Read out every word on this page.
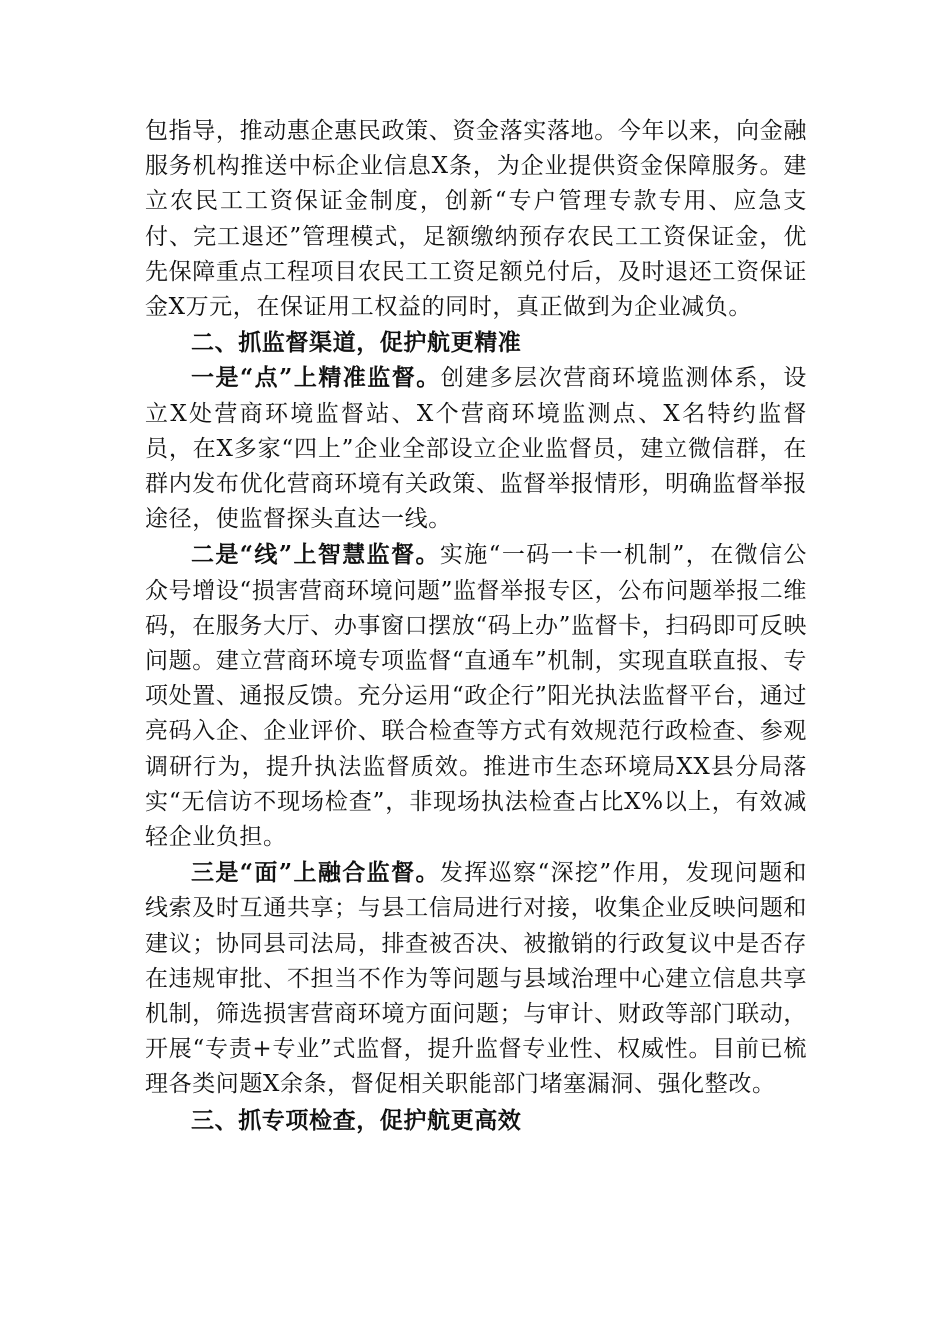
包指导，推动惠企惠民政策、资金落实落地。今年以来，向金融服务机构推送中标企业信息X条，为企业提供资金保障服务。建立农民工工资保证金制度，创新“专户管理专款专用、应急支付、完工退还”管理模式，足额缴纳预存农民工工资保证金，优先保障重点工程项目农民工工资足额兑付后，及时退还工资保证金X万元，在保证用工权益的同时，真正做到为企业减负。

二、抓监督渠道，促护航更精准

一是“点”上精准监督。创建多层次营商环境监测体系，设立X处营商环境监督站、X个营商环境监测点、X名特约监督员，在X多家“四上”企业全部设立企业监督员，建立微信群，在群内发布优化营商环境有关政策、监督举报情形，明确监督举报途径，使监督探头直达一线。

二是“线”上智慧监督。实施“一码一卡一机制”，在微信公众号增设“损害营商环境问题”监督举报专区，公布问题举报二维码，在服务大厅、办事窗口摆放“码上办”监督卡，扫码即可反映问题。建立营商环境专项监督“直通车”机制，实现直联直报、专项处置、通报反馈。充分运用“政企行”阳光执法监督平台，通过亮码入企、企业评价、联合检查等方式有效规范行政检查、参观调研行为，提升执法监督质效。推进市生态环境局XX县分局落实“无信访不现场检查”，非现场执法检查占比X%以上，有效减轻企业负担。

三是“面”上融合监督。发挥巡察“深挖”作用，发现问题和线索及时互通共享；与县工信局进行对接，收集企业反映问题和建议；协同县司法局，排查被否决、被撤销的行政复议中是否存在违规审批、不担当不作为等问题与县域治理中心建立信息共享机制，筛选损害营商环境方面问题；与审计、财政等部门联动，开展“专责+专业”式监督，提升监督专业性、权威性。目前已梳理各类问题X余条，督促相关职能部门堵塞漏洞、强化整改。

三、抓专项检查，促护航更高效
